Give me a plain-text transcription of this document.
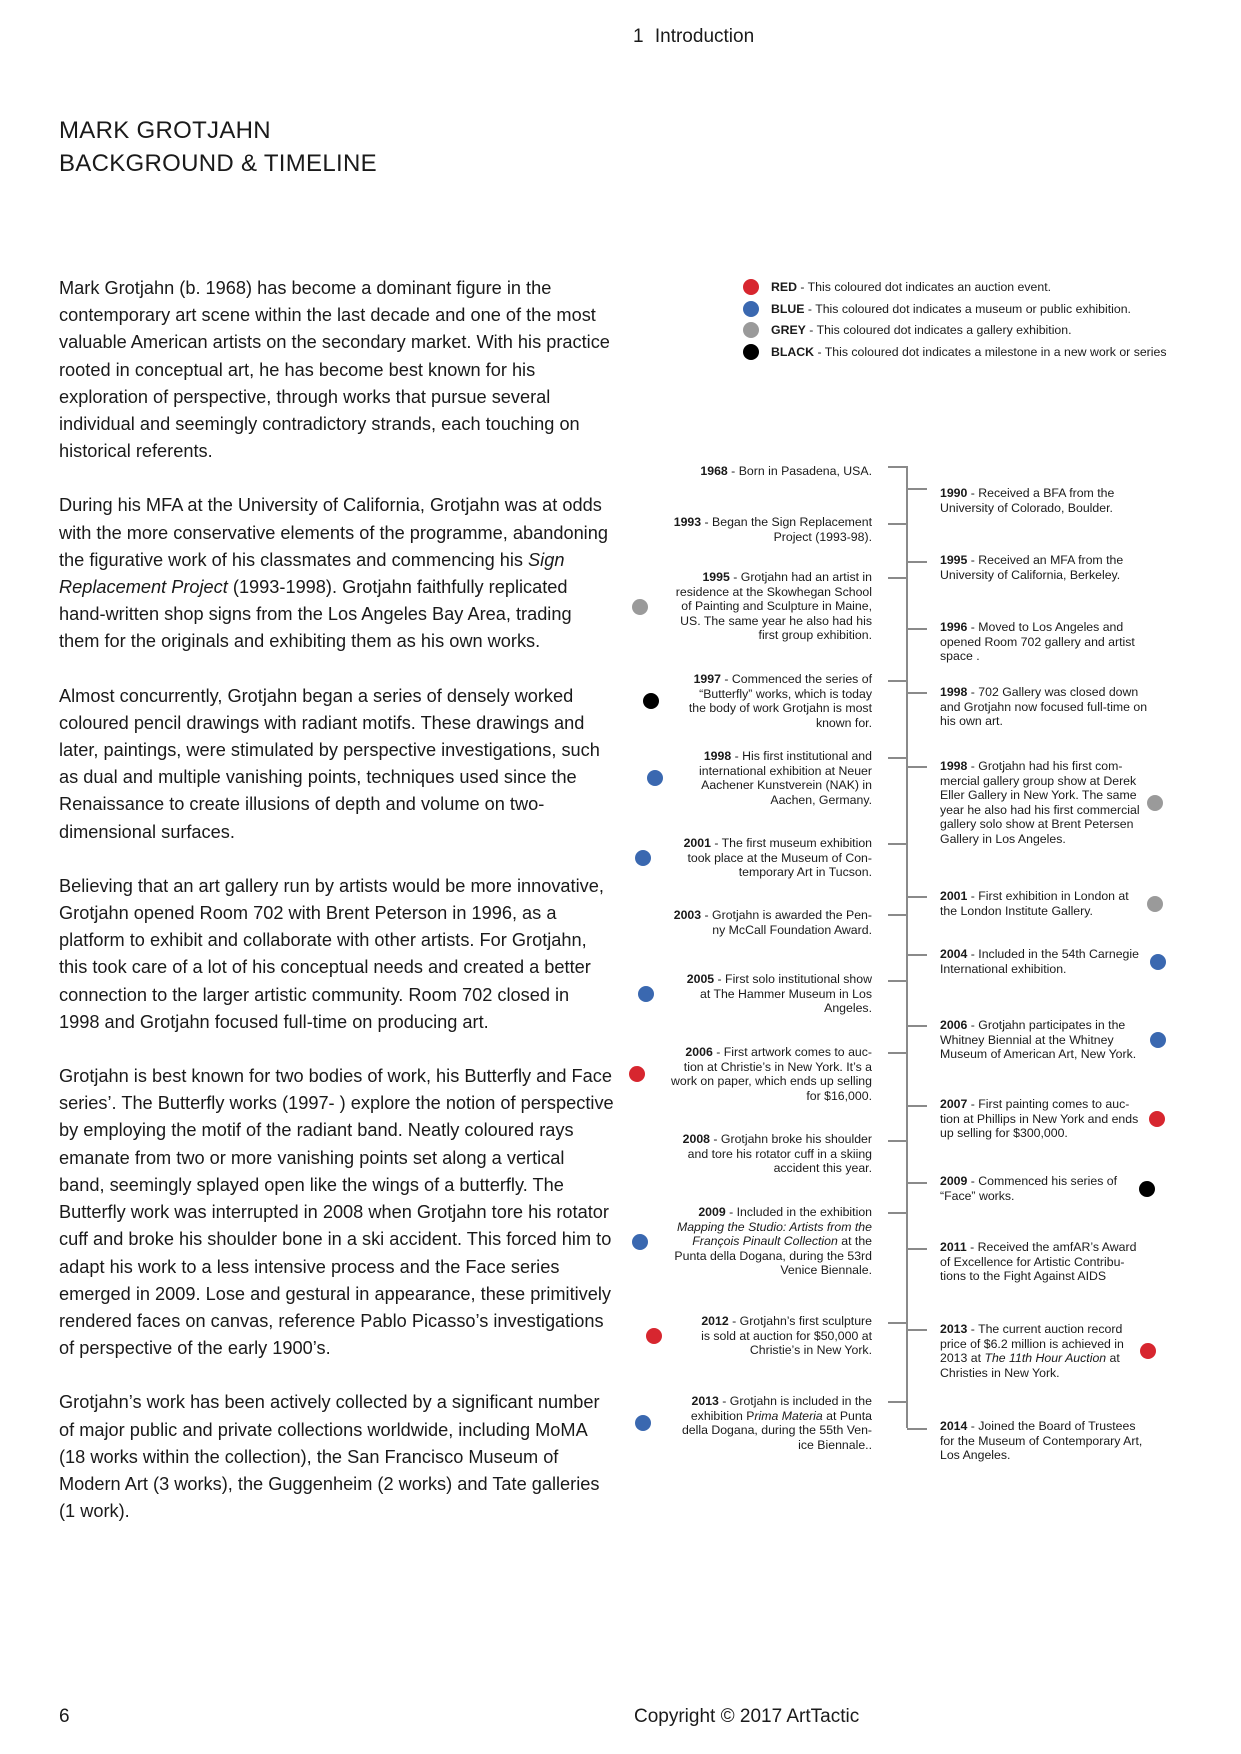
1 Introduction
MARK GROTJAHN
BACKGROUND & TIMELINE

Mark Grotjahn (b. 1968) has become a dominant figure in the contemporary art scene within the last decade and one of the most valuable American artists on the secondary market. With his practice rooted in conceptual art, he has become best known for his exploration of perspective, through works that pursue several individual and seemingly contradictory strands, each touching on historical referents.

During his MFA at the University of California, Grotjahn was at odds with the more conservative elements of the programme, abandoning the figurative work of his classmates and commencing his Sign Replacement Project (1993-1998). Grotjahn faithfully replicated hand-written shop signs from the Los Angeles Bay Area, trading them for the originals and exhibiting them as his own works.

Almost concurrently, Grotjahn began a series of densely worked coloured pencil drawings with radiant motifs. These drawings and later, paintings, were stimulated by perspective investigations, such as dual and multiple vanishing points, techniques used since the Renaissance to create illusions of depth and volume on two-dimensional surfaces.

Believing that an art gallery run by artists would be more innovative, Grotjahn opened Room 702 with Brent Peterson in 1996, as a platform to exhibit and collaborate with other artists. For Grotjahn, this took care of a lot of his conceptual needs and created a better connection to the larger artistic community. Room 702 closed in 1998 and Grotjahn focused full-time on producing art.

Grotjahn is best known for two bodies of work, his Butterfly and Face series’. The Butterfly works (1997- ) explore the notion of perspective by employing the motif of the radiant band. Neatly coloured rays emanate from two or more vanishing points set along a vertical band, seemingly splayed open like the wings of a butterfly. The Butterfly work was interrupted in 2008 when Grotjahn tore his rotator cuff and broke his shoulder bone in a ski accident. This forced him to adapt his work to a less intensive process and the Face series emerged in 2009. Lose and gestural in appearance, these primitively rendered faces on canvas, reference Pablo Picasso’s investigations of perspective of the early 1900’s.

Grotjahn’s work has been actively collected by a significant number of major public and private collections worldwide, including MoMA (18 works within the collection), the San Francisco Museum of Modern Art (3 works), the Guggenheim (2 works) and Tate galleries (1 work).

RED - This coloured dot indicates an auction event.
BLUE - This coloured dot indicates a museum or public exhibition.
GREY - This coloured dot indicates a gallery exhibition.
BLACK - This coloured dot indicates a milestone in a new work or series
1968 - Born in Pasadena, USA.
1993 - Began the Sign Replacement
Project (1993-98).
1995 - Grotjahn had an artist in
residence at the Skowhegan School
of Painting and Sculpture in Maine,
US. The same year he also had his
first group exhibition.
1997 - Commenced the series of
“Butterfly” works, which is today
the body of work Grotjahn is most
known for.
1998 - His first institutional and
international exhibition at Neuer
Aachener Kunstverein (NAK) in
Aachen, Germany.
2001 - The first museum exhibition
took place at the Museum of Con-
temporary Art in Tucson.
2003 - Grotjahn is awarded the Pen-
ny McCall Foundation Award.
2005 - First solo institutional show
at The Hammer Museum in Los
Angeles.
2006 - First artwork comes to auc-
tion at Christie’s in New York. It’s a
work on paper, which ends up selling
for $16,000.
2008 - Grotjahn broke his shoulder
and tore his rotator cuff in a skiing
accident this year.
2009 - Included in the exhibition
Mapping the Studio: Artists from the
François Pinault Collection at the
Punta della Dogana, during the 53rd
Venice Biennale.
2012 - Grotjahn’s first sculpture
is sold at auction for $50,000 at
Christie’s in New York.
2013 - Grotjahn is included in the
exhibition Prima Materia at Punta
della Dogana, during the 55th Ven-
ice Biennale..
1990 - Received a BFA from the
University of Colorado, Boulder.
1995 - Received an MFA from the
University of California, Berkeley.
1996 - Moved to Los Angeles and
opened Room 702 gallery and artist
space .
1998 - 702 Gallery was closed down
and Grotjahn now focused full-time on
his own art.
1998 - Grotjahn had his first com-
mercial gallery group show at Derek
Eller Gallery in New York. The same
year he also had his first commercial
gallery solo show at Brent Petersen
Gallery in Los Angeles.
2001 - First exhibition in London at
the London Institute Gallery.
2004 - Included in the 54th Carnegie
International exhibition.
2006 - Grotjahn participates in the
Whitney Biennial at the Whitney
Museum of American Art, New York.
2007 - First painting comes to auc-
tion at Phillips in New York and ends
up selling for $300,000.
2009 - Commenced his series of
“Face” works.
2011 - Received the amfAR’s Award
of Excellence for Artistic Contribu-
tions to the Fight Against AIDS
2013 - The current auction record
price of $6.2 million is achieved in
2013 at The 11th Hour Auction at
Christies in New York.
2014 - Joined the Board of Trustees
for the Museum of Contemporary Art,
Los Angeles.
6	Copyright © 2017 ArtTactic
